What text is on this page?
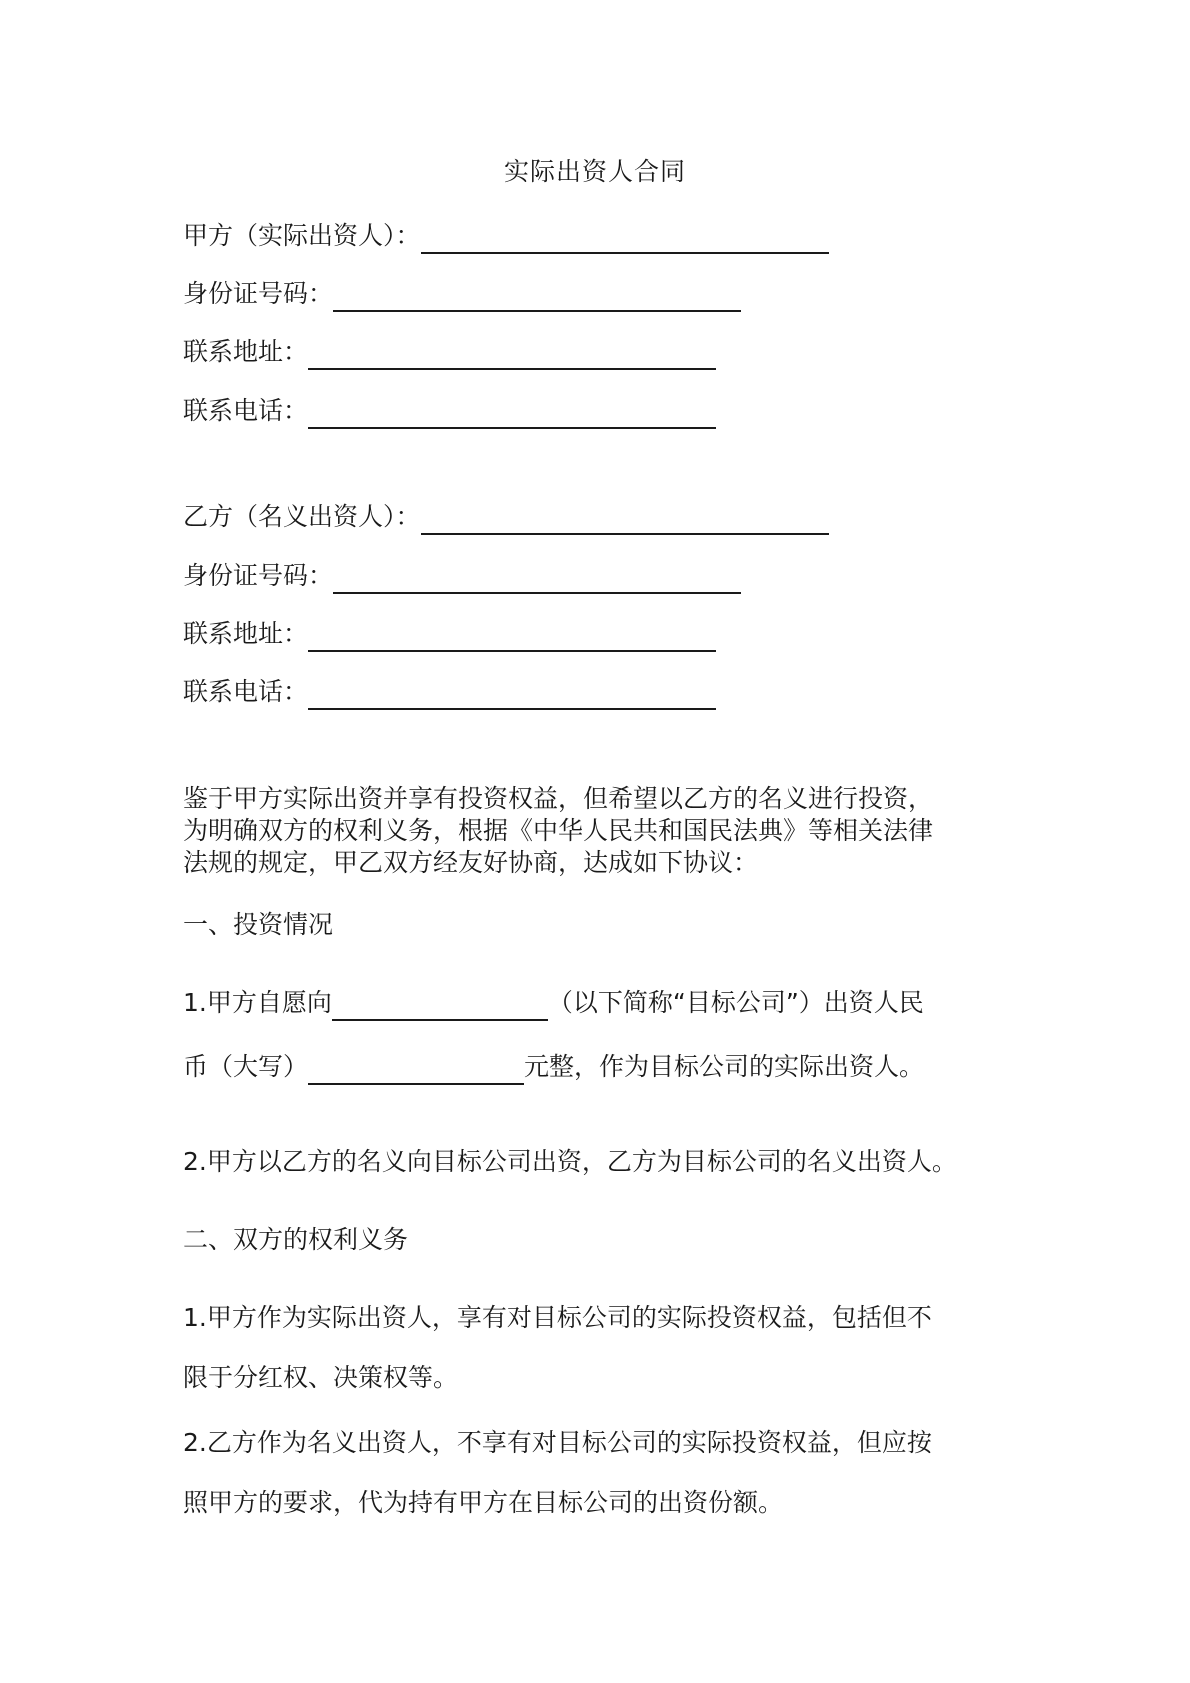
实际出资人合同
甲方（实际出资人）：
身份证号码：
联系地址：
联系电话：
乙方（名义出资人）：
身份证号码：
联系地址：
联系电话：
鉴于甲方实际出资并享有投资权益，但希望以乙方的名义进行投资，
为明确双方的权利义务，根据《中华人民共和国民法典》等相关法律
法规的规定，甲乙双方经友好协商，达成如下协议：
一、投资情况
1. 甲方自愿向	（以下简称“目标公司”）出资人民
币（大写）	元整，作为目标公司的实际出资人。
2. 甲方以乙方的名义向目标公司出资，乙方为目标公司的名义出资人。
二、双方的权利义务
1. 甲方作为实际出资人，享有对目标公司的实际投资权益，包括但不
限于分红权、决策权等。
2. 乙方作为名义出资人，不享有对目标公司的实际投资权益，但应按
照甲方的要求，代为持有甲方在目标公司的出资份额。
